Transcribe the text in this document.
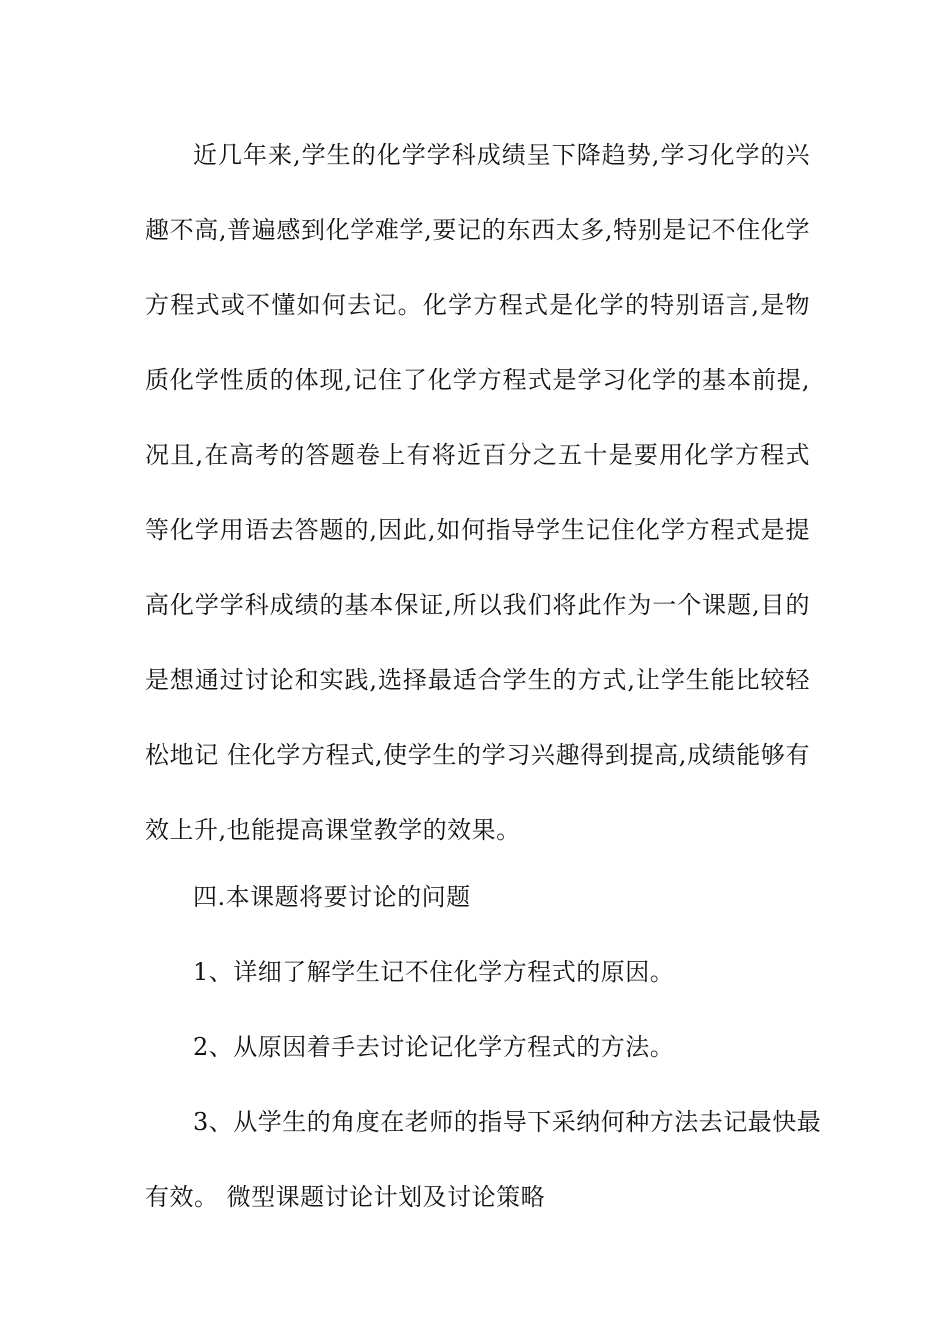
近几年来,学生的化学学科成绩呈下降趋势,学习化学的兴趣不高,普遍感到化学难学,要记的东西太多,特别是记不住化学方程式或不懂如何去记。化学方程式是化学的特别语言,是物质化学性质的体现,记住了化学方程式是学习化学的基本前提,况且,在高考的答题卷上有将近百分之五十是要用化学方程式等化学用语去答题的,因此,如何指导学生记住化学方程式是提高化学学科成绩的基本保证,所以我们将此作为一个课题,目的是想通过讨论和实践,选择最适合学生的方式,让学生能比较轻松地记 住化学方程式,使学生的学习兴趣得到提高,成绩能够有效上升,也能提高课堂教学的效果。

四.本课题将要讨论的问题

1、详细了解学生记不住化学方程式的原因。

2、从原因着手去讨论记化学方程式的方法。

3、从学生的角度在老师的指导下采纳何种方法去记最快最

有效。 微型课题讨论计划及讨论策略
